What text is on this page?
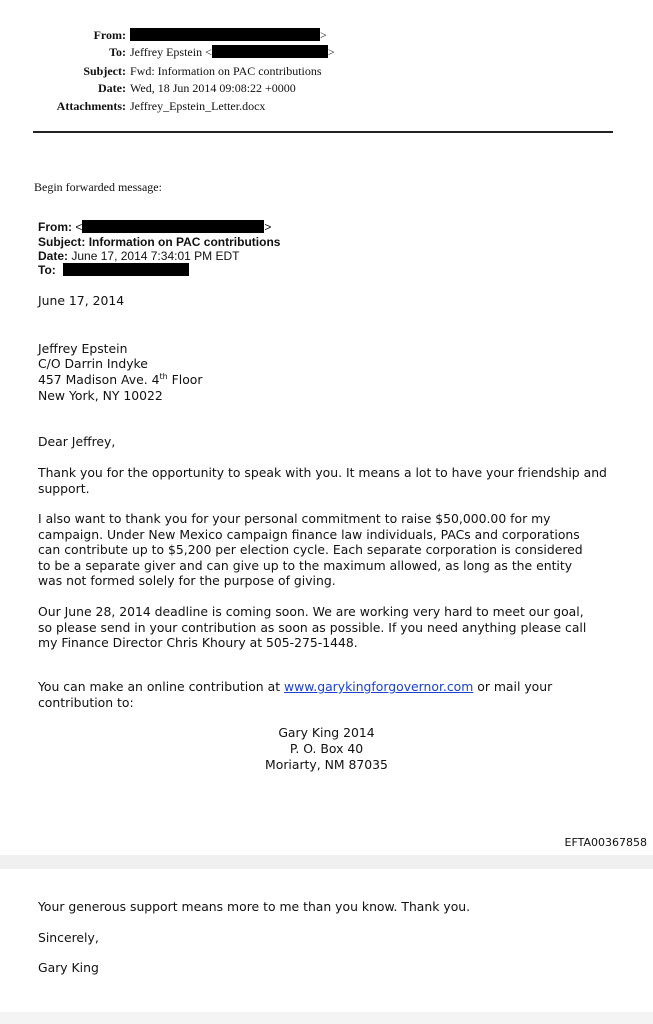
From:	>
To: Jeffrey Epstein <	>
Subject: Fwd: Information on PAC contributions
Date: Wed, 18 Jun 2014 09:08:22 +0000
Attachments: Jeffrey_Epstein_Letter.docx
Begin forwarded message:
From: <	>
Subject: Information on PAC contributions
Date: June 17, 2014 7:34:01 PM EDT
To:
June 17, 2014
Jeffrey Epstein
C/O Darrin Indyke
457 Madison Ave. 4th Floor
New York, NY 10022
Dear Jeffrey,
Thank you for the opportunity to speak with you. It means a lot to have your friendship and support.
I also want to thank you for your personal commitment to raise $50,000.00 for my
campaign. Under New Mexico campaign finance law individuals, PACs and corporations
can contribute up to $5,200 per election cycle. Each separate corporation is considered
to be a separate giver and can give up to the maximum allowed, as long as the entity
was not formed solely for the purpose of giving.
Our June 28, 2014 deadline is coming soon. We are working very hard to meet our goal,
so please send in your contribution as soon as possible. If you need anything please call
my Finance Director Chris Khoury at 505-275-1448.
You can make an online contribution at www.garykingforgovernor.com or mail your
contribution to:
Gary King 2014
P. O. Box 40
Moriarty, NM 87035
EFTA00367858
Your generous support means more to me than you know. Thank you.
Sincerely,
Gary King
